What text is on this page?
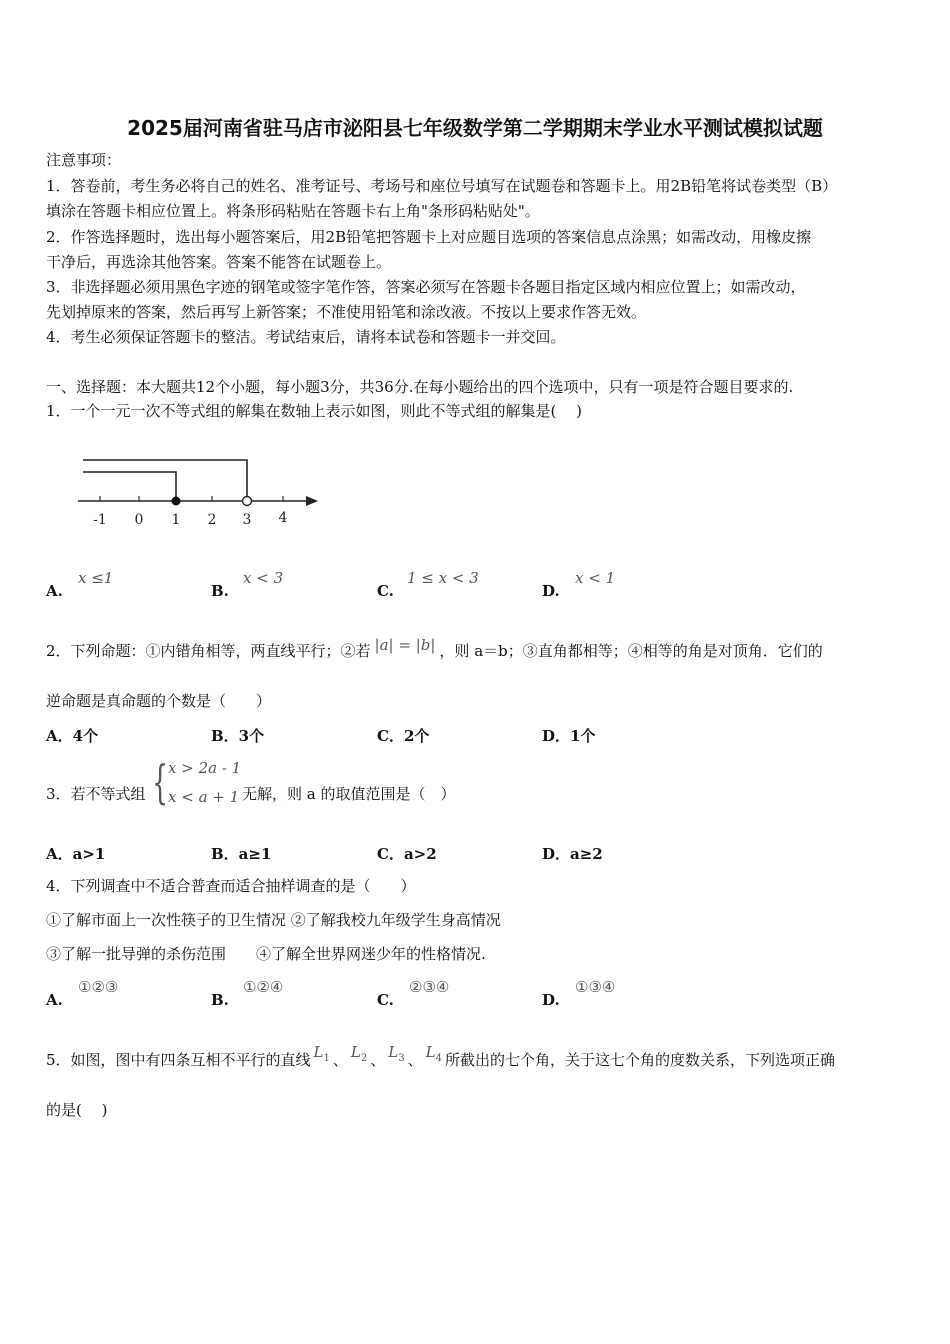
2025届河南省驻马店市泌阳县七年级数学第二学期期末学业水平测试模拟试题
注意事项：
1．答卷前，考生务必将自己的姓名、准考证号、考场号和座位号填写在试题卷和答题卡上。用2B铅笔将试卷类型（B）
填涂在答题卡相应位置上。将条形码粘贴在答题卡右上角"条形码粘贴处"。
2．作答选择题时，选出每小题答案后，用2B铅笔把答题卡上对应题目选项的答案信息点涂黑；如需改动，用橡皮擦
干净后，再选涂其他答案。答案不能答在试题卷上。
3．非选择题必须用黑色字迹的钢笔或签字笔作答，答案必须写在答题卡各题目指定区域内相应位置上；如需改动，
先划掉原来的答案，然后再写上新答案；不准使用铅笔和涂改液。不按以上要求作答无效。
4．考生必须保证答题卡的整洁。考试结束后，请将本试卷和答题卡一并交回。
一、选择题：本大题共12个小题，每小题3分，共36分.在每小题给出的四个选项中，只有一项是符合题目要求的.
1．一个一元一次不等式组的解集在数轴上表示如图，则此不等式组的解集是(　 )
-1 0 1 2 3 4
A.
x ≤1
B.
x < 3
C.
1 ≤ x < 3
D.
x < 1
2．下列命题：①内错角相等，两直线平行；②若 |a| = |b| ，则 a＝b；③直角都相等；④相等的角是对顶角．它们的
逆命题是真命题的个数是（　　）
A．4个	B．3个	C．2个	D．1个
3．若不等式组 { x > 2a - 1
x < a + 1 无解，则 a 的取值范围是（　）
A．a>1	B．a≥1	C．a>2	D．a≥2
4．下列调查中不适合普查而适合抽样调查的是（　　）
①了解市面上一次性筷子的卫生情况 ②了解我校九年级学生身高情况
③了解一批导弹的杀伤范围　　④了解全世界网迷少年的性格情况.
A.
①②③
B.
①②④
C.
②③④
D.
①③④
5．如图，图中有四条互相不平行的直线 $L_1$ 、 $L_2$ 、 $L_3$ 、 $L_4$ 所截出的七个角，关于这七个角的度数关系，下列选项正确
的是(　 )
